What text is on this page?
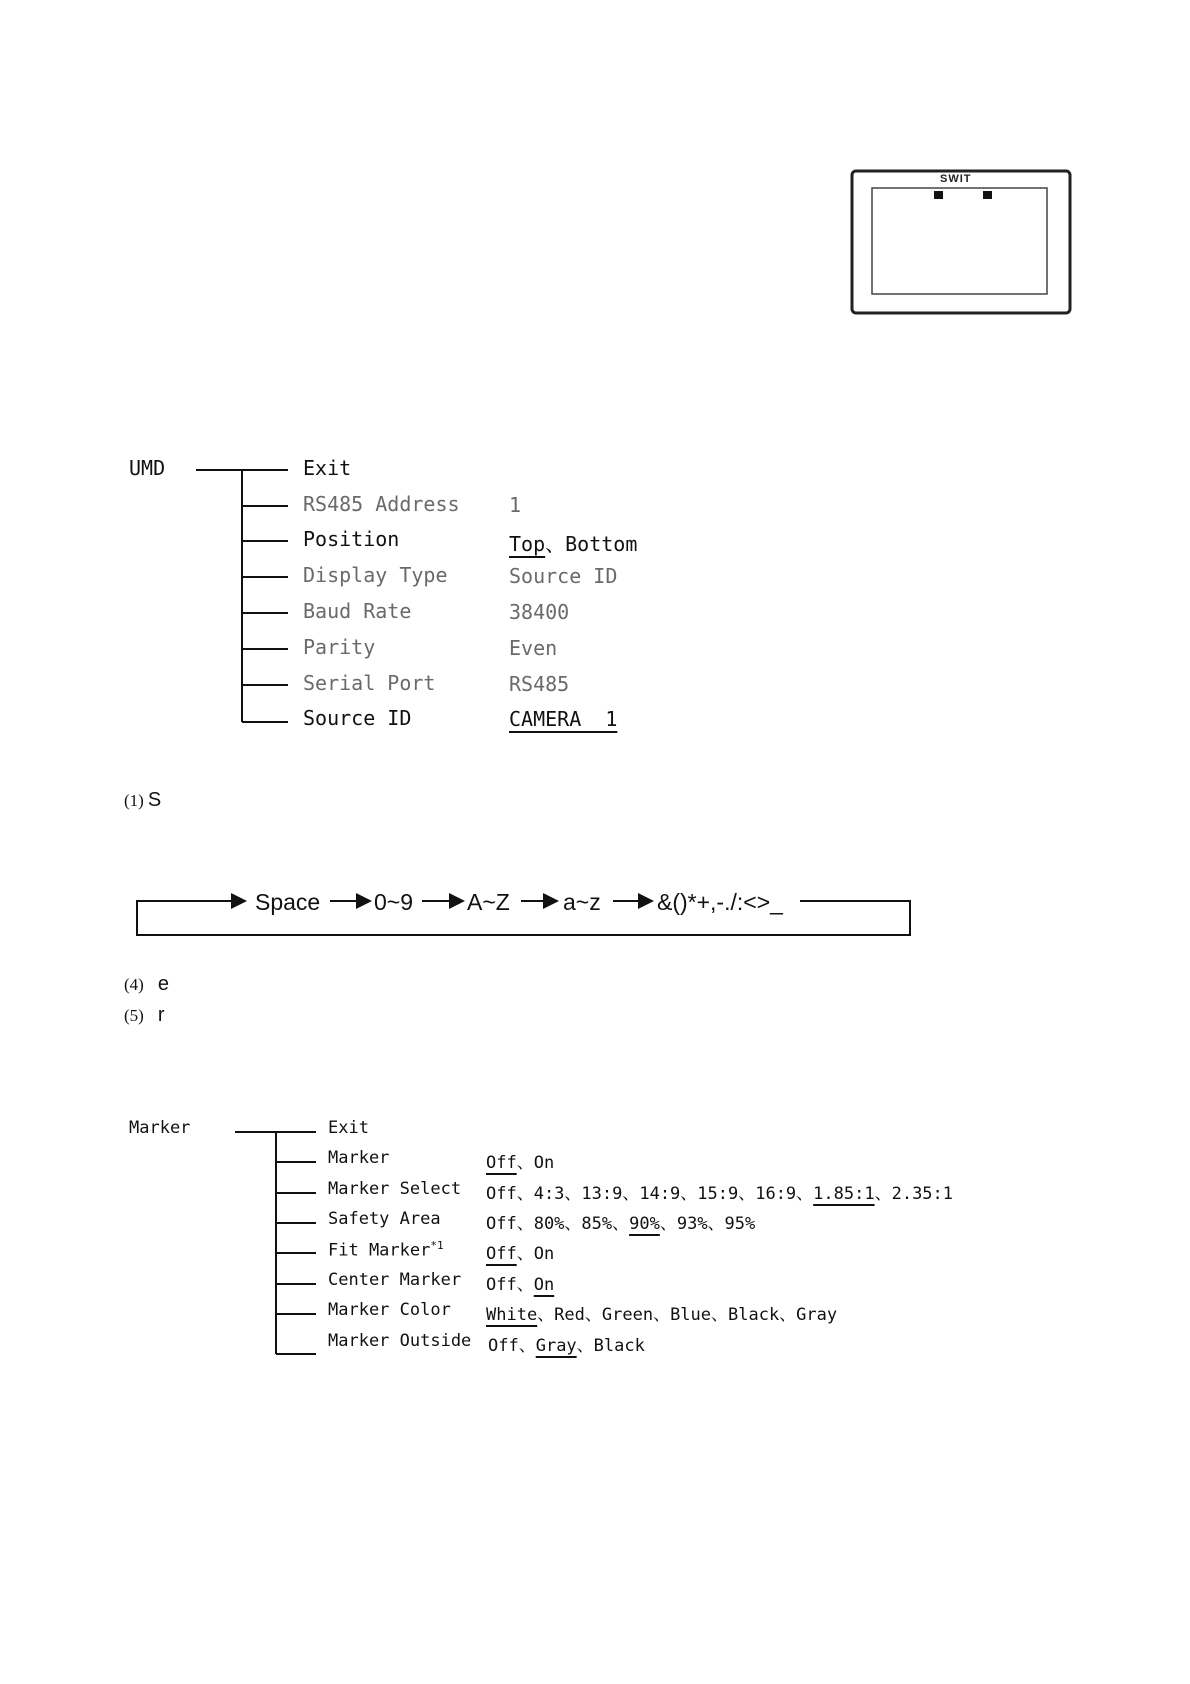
SWIT
UMD	Exit
RS485 Address 1
Position	Top、Bottom
Display Type	Source ID
Baud Rate	38400
Parity	Even
Serial Port	RS485
Source ID	CAMERA  1
(1) S
Space 0~9 A~Z a~z &()*+,-./:<>_
(4) e
(5) r
Marker	Exit
Marker	Off、On
Marker Select Off、4:3、13:9、14:9、15:9、16:9、1.85:1、2.35:1
Safety Area	Off、80%、85%、90%、93%、95%
Fit Marker$^{*1}$ Off、On
Center Marker Off、On
Marker Color White、Red、Green、Blue、Black、Gray
Marker Outside Off、Gray、Black
